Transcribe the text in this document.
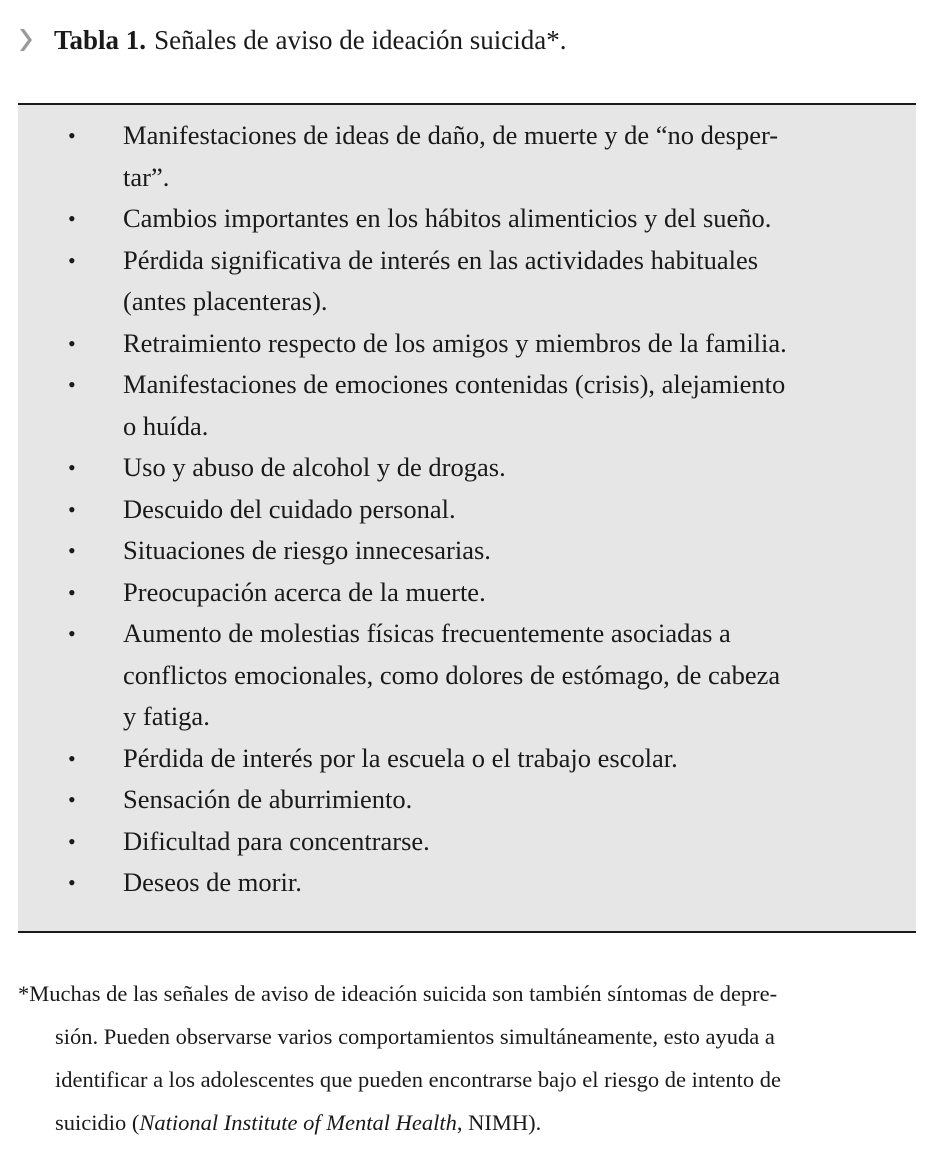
Tabla 1. Señales de aviso de ideación suicida*.
• Manifestaciones de ideas de daño, de muerte y de “no desper-
tar”.
• Cambios importantes en los hábitos alimenticios y del sueño.
• Pérdida significativa de interés en las actividades habituales
(antes placenteras).
• Retraimiento respecto de los amigos y miembros de la familia.
• Manifestaciones de emociones contenidas (crisis), alejamiento
o huída.
• Uso y abuso de alcohol y de drogas.
• Descuido del cuidado personal.
• Situaciones de riesgo innecesarias.
• Preocupación acerca de la muerte.
• Aumento de molestias físicas frecuentemente asociadas a
conflictos emocionales, como dolores de estómago, de cabeza
y fatiga.
• Pérdida de interés por la escuela o el trabajo escolar.
• Sensación de aburrimiento.
• Dificultad para concentrarse.
• Deseos de morir.
*Muchas de las señales de aviso de ideación suicida son también síntomas de depre-
sión. Pueden observarse varios comportamientos simultáneamente, esto ayuda a
identificar a los adolescentes que pueden encontrarse bajo el riesgo de intento de
suicidio (National Institute of Mental Health, NIMH).
